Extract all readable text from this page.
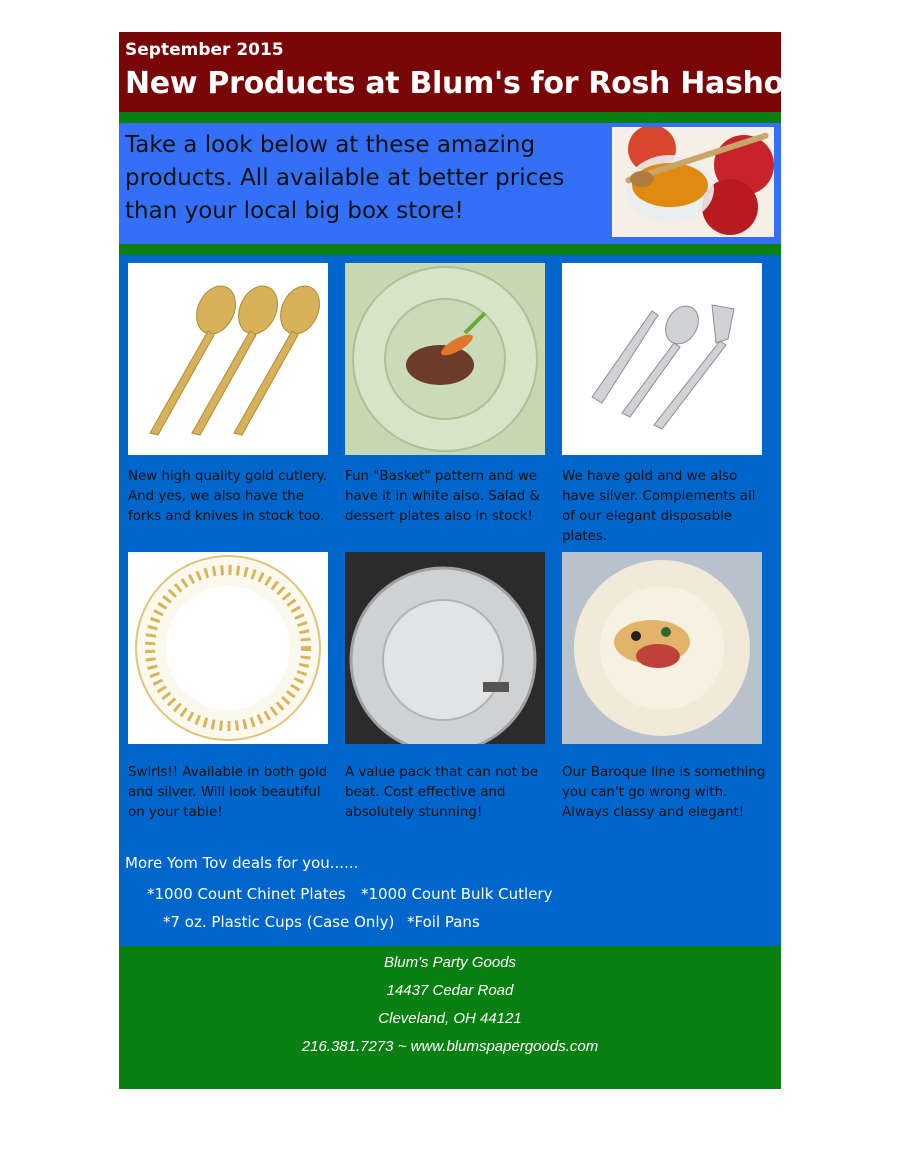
September 2015
New Products at Blum's for Rosh Hashona
Take a look below at these amazing products. All available at better prices than your local big box store!
New high quality gold cutlery. And yes, we also have the forks and knives in stock too.
Fun "Basket" pattern and we have it in white also. Salad & dessert plates also in stock!
We have gold and we also have silver. Complements all of our elegant disposable plates.
Swirls!! Available in both gold and silver. Will look beautiful on your table!
A value pack that can not be beat. Cost effective and absolutely stunning!
Our Baroque line is something you can't go wrong with. Always classy and elegant!
More Yom Tov deals for you......
*1000 Count Chinet Plates *1000 Count Bulk Cutlery
*7 oz. Plastic Cups (Case Only) *Foil Pans
Blum's Party Goods
14437 Cedar Road
Cleveland, OH 44121
216.381.7273 ~ www.blumspapergoods.com
